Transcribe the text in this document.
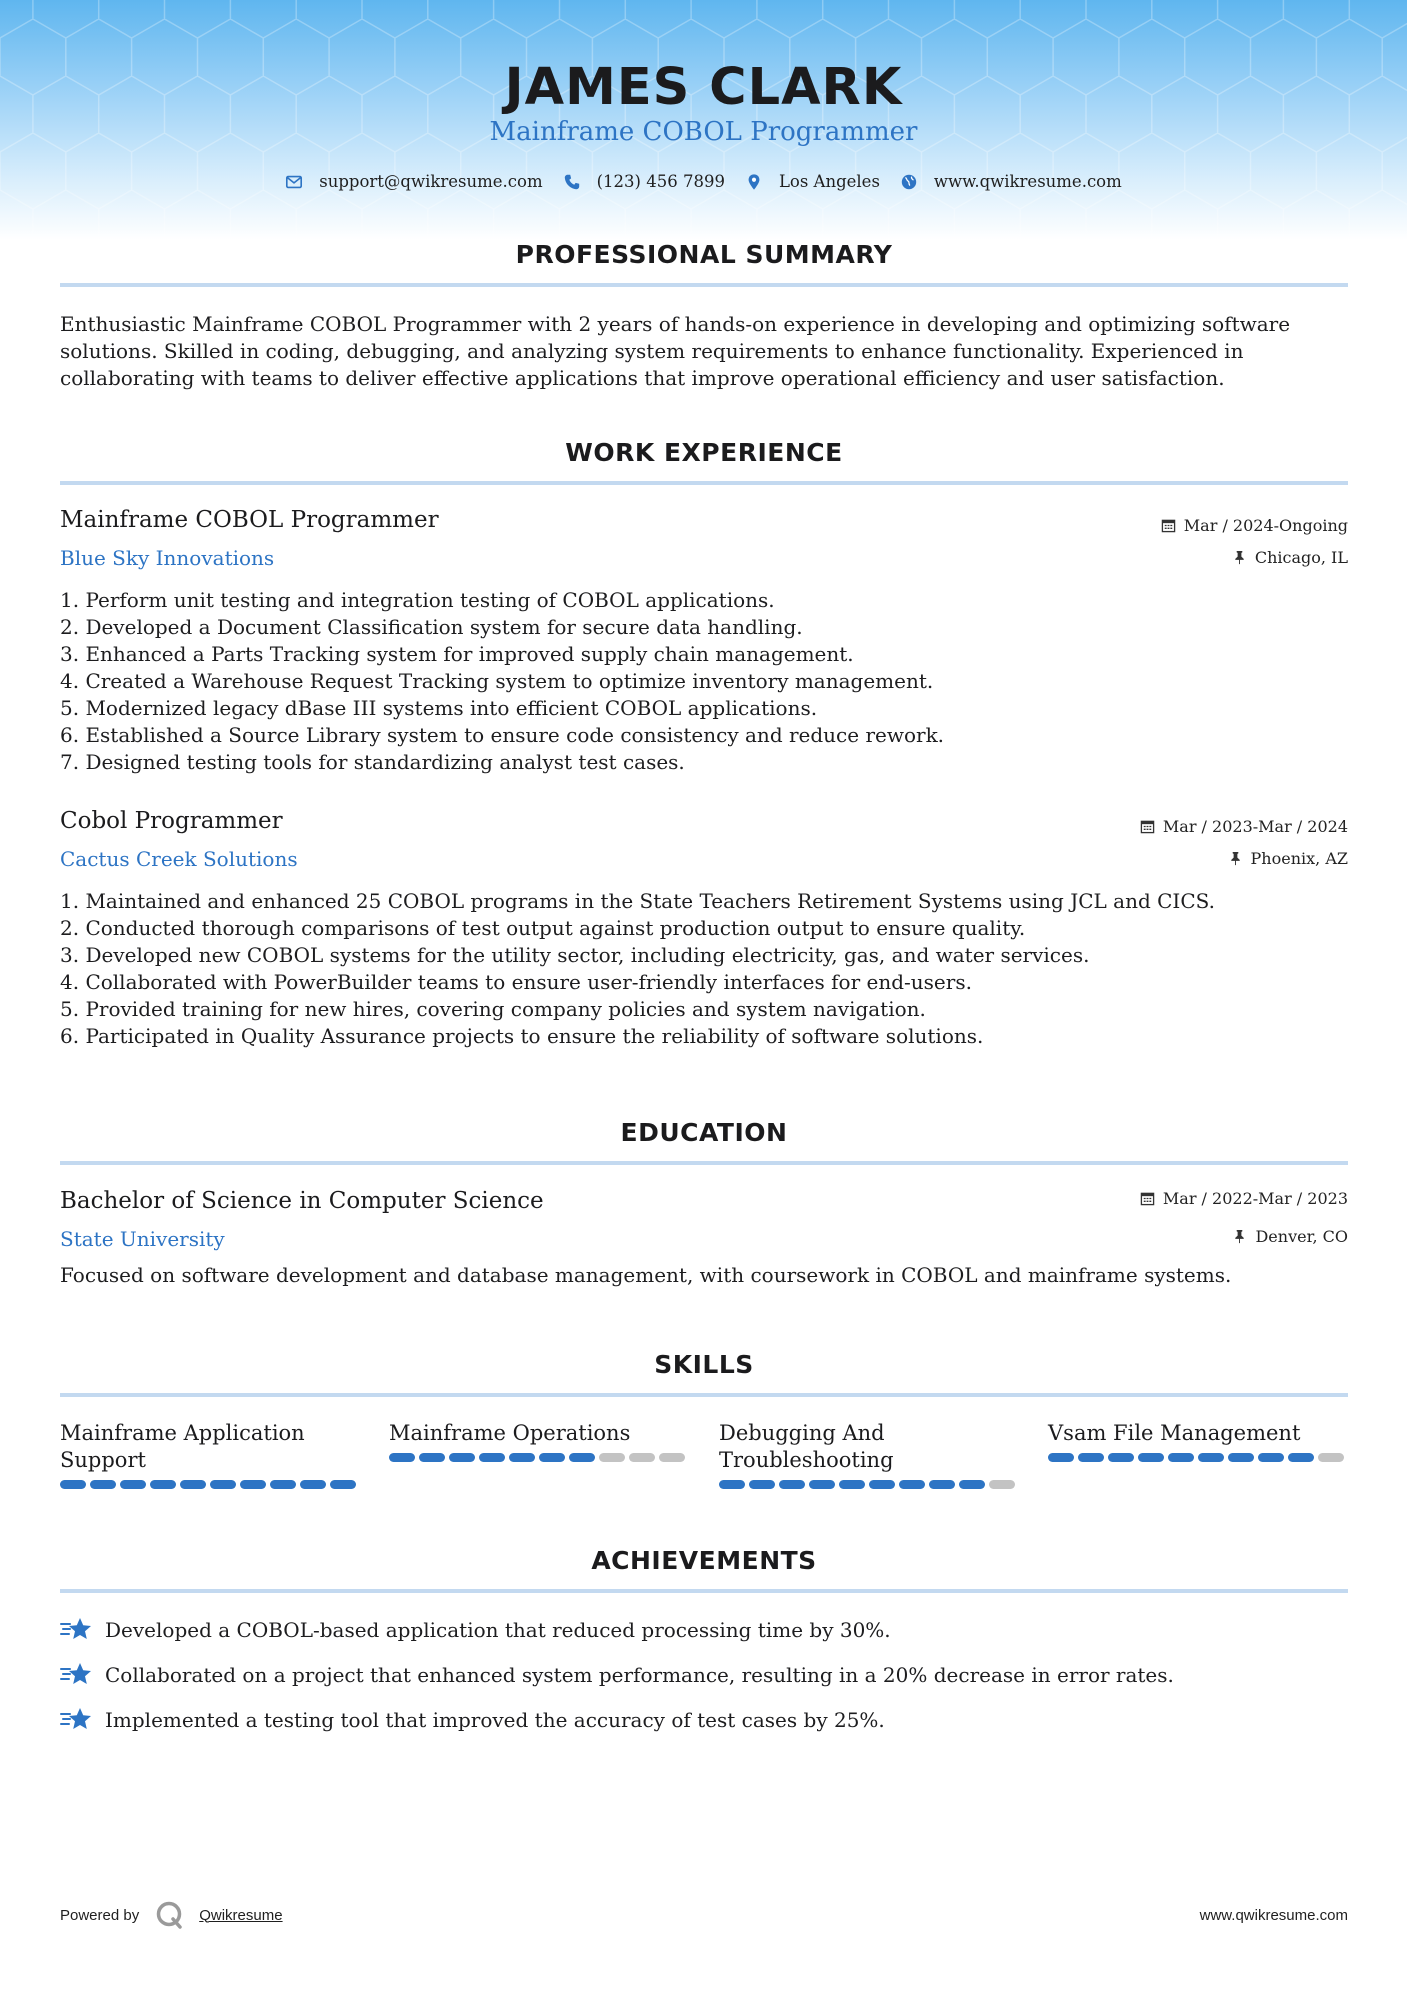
JAMES CLARK
Mainframe COBOL Programmer
support@qwikresume.com	(123) 456 7899	Los Angeles	www.qwikresume.com
PROFESSIONAL SUMMARY
Enthusiastic Mainframe COBOL Programmer with 2 years of hands-on experience in developing and optimizing software solutions. Skilled in coding, debugging, and analyzing system requirements to enhance functionality. Experienced in collaborating with teams to deliver effective applications that improve operational efficiency and user satisfaction.
WORK EXPERIENCE
Mainframe COBOL Programmer
Blue Sky Innovations
Mar / 2024-Ongoing
Chicago, IL
1. Perform unit testing and integration testing of COBOL applications.
2. Developed a Document Classification system for secure data handling.
3. Enhanced a Parts Tracking system for improved supply chain management.
4. Created a Warehouse Request Tracking system to optimize inventory management.
5. Modernized legacy dBase III systems into efficient COBOL applications.
6. Established a Source Library system to ensure code consistency and reduce rework.
7. Designed testing tools for standardizing analyst test cases.
Cobol Programmer
Cactus Creek Solutions
Mar / 2023-Mar / 2024
Phoenix, AZ
1. Maintained and enhanced 25 COBOL programs in the State Teachers Retirement Systems using JCL and CICS.
2. Conducted thorough comparisons of test output against production output to ensure quality.
3. Developed new COBOL systems for the utility sector, including electricity, gas, and water services.
4. Collaborated with PowerBuilder teams to ensure user-friendly interfaces for end-users.
5. Provided training for new hires, covering company policies and system navigation.
6. Participated in Quality Assurance projects to ensure the reliability of software solutions.
EDUCATION
Bachelor of Science in Computer Science
State University
Mar / 2022-Mar / 2023
Denver, CO
Focused on software development and database management, with coursework in COBOL and mainframe systems.
SKILLS
Mainframe Application Support
Mainframe Operations	Debugging And Troubleshooting
Vsam File Management
ACHIEVEMENTS
Developed a COBOL-based application that reduced processing time by 30%.
Collaborated on a project that enhanced system performance, resulting in a 20% decrease in error rates.
Implemented a testing tool that improved the accuracy of test cases by 25%.
Powered by	Qwikresume	www.qwikresume.com
